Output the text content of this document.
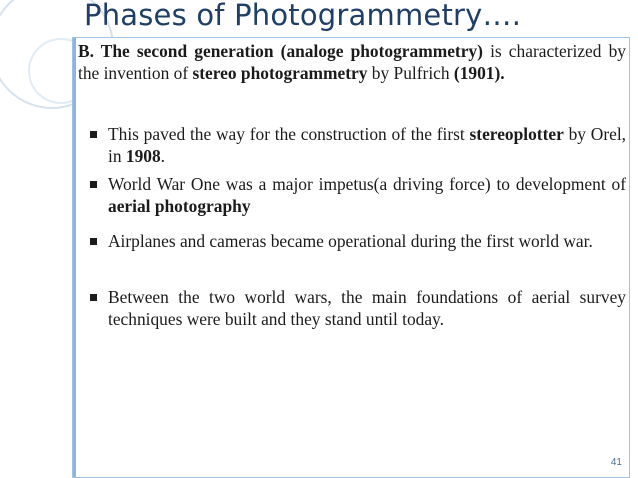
Phases of Photogrammetry….
B. The second generation (analoge photogrammetry) is characterized by the invention of stereo photogrammetry by Pulfrich (1901).
This paved the way for the construction of the first stereoplotter by Orel, in 1908.
World War One was a major impetus(a driving force) to development of aerial photography
Airplanes and cameras became operational during the first world war.
Between the two world wars, the main foundations of aerial survey techniques were built and they stand until today.
41
